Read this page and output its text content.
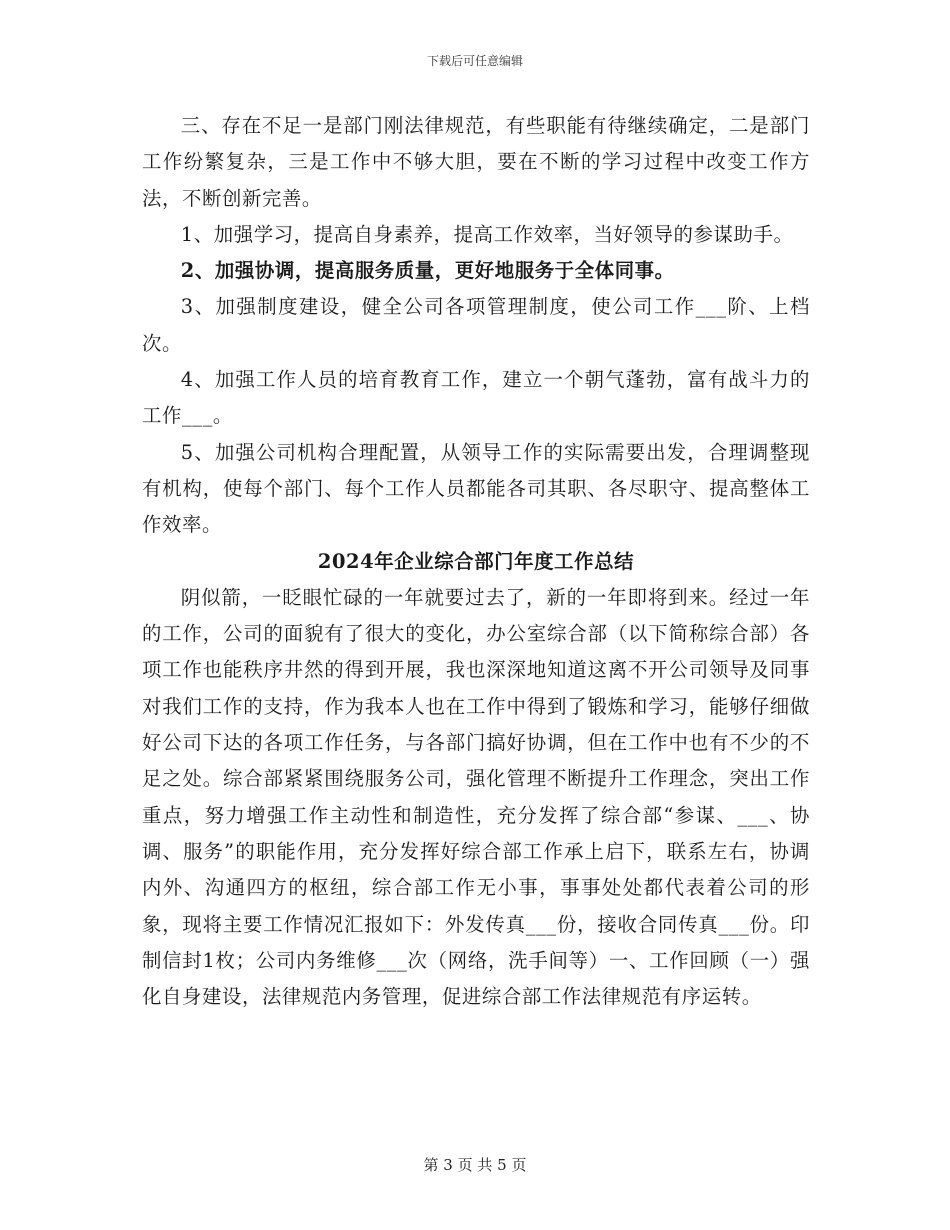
下载后可任意编辑

三、存在不足一是部门刚法律规范，有些职能有待继续确定，二是部门工作纷繁复杂，三是工作中不够大胆，要在不断的学习过程中改变工作方法，不断创新完善。

1、加强学习，提高自身素养，提高工作效率，当好领导的参谋助手。

2、加强协调，提高服务质量，更好地服务于全体同事。

3、加强制度建设，健全公司各项管理制度，使公司工作___阶、上档次。

4、加强工作人员的培育教育工作，建立一个朝气蓬勃，富有战斗力的工作___。

5、加强公司机构合理配置，从领导工作的实际需要出发，合理调整现有机构，使每个部门、每个工作人员都能各司其职、各尽职守、提高整体工作效率。

2024年企业综合部门年度工作总结

阴似箭，一眨眼忙碌的一年就要过去了，新的一年即将到来。经过一年的工作，公司的面貌有了很大的变化，办公室综合部（以下简称综合部）各项工作也能秩序井然的得到开展，我也深深地知道这离不开公司领导及同事对我们工作的支持，作为我本人也在工作中得到了锻炼和学习，能够仔细做好公司下达的各项工作任务，与各部门搞好协调，但在工作中也有不少的不足之处。综合部紧紧围绕服务公司，强化管理不断提升工作理念，突出工作重点，努力增强工作主动性和制造性，充分发挥了综合部“参谋、___、协调、服务”的职能作用，充分发挥好综合部工作承上启下，联系左右，协调内外、沟通四方的枢纽，综合部工作无小事，事事处处都代表着公司的形象，现将主要工作情况汇报如下：外发传真___份，接收合同传真___份。印制信封1枚；公司内务维修___次（网络，洗手间等）一、工作回顾（一）强化自身建设，法律规范内务管理，促进综合部工作法律规范有序运转。

第 3 页 共 5 页
